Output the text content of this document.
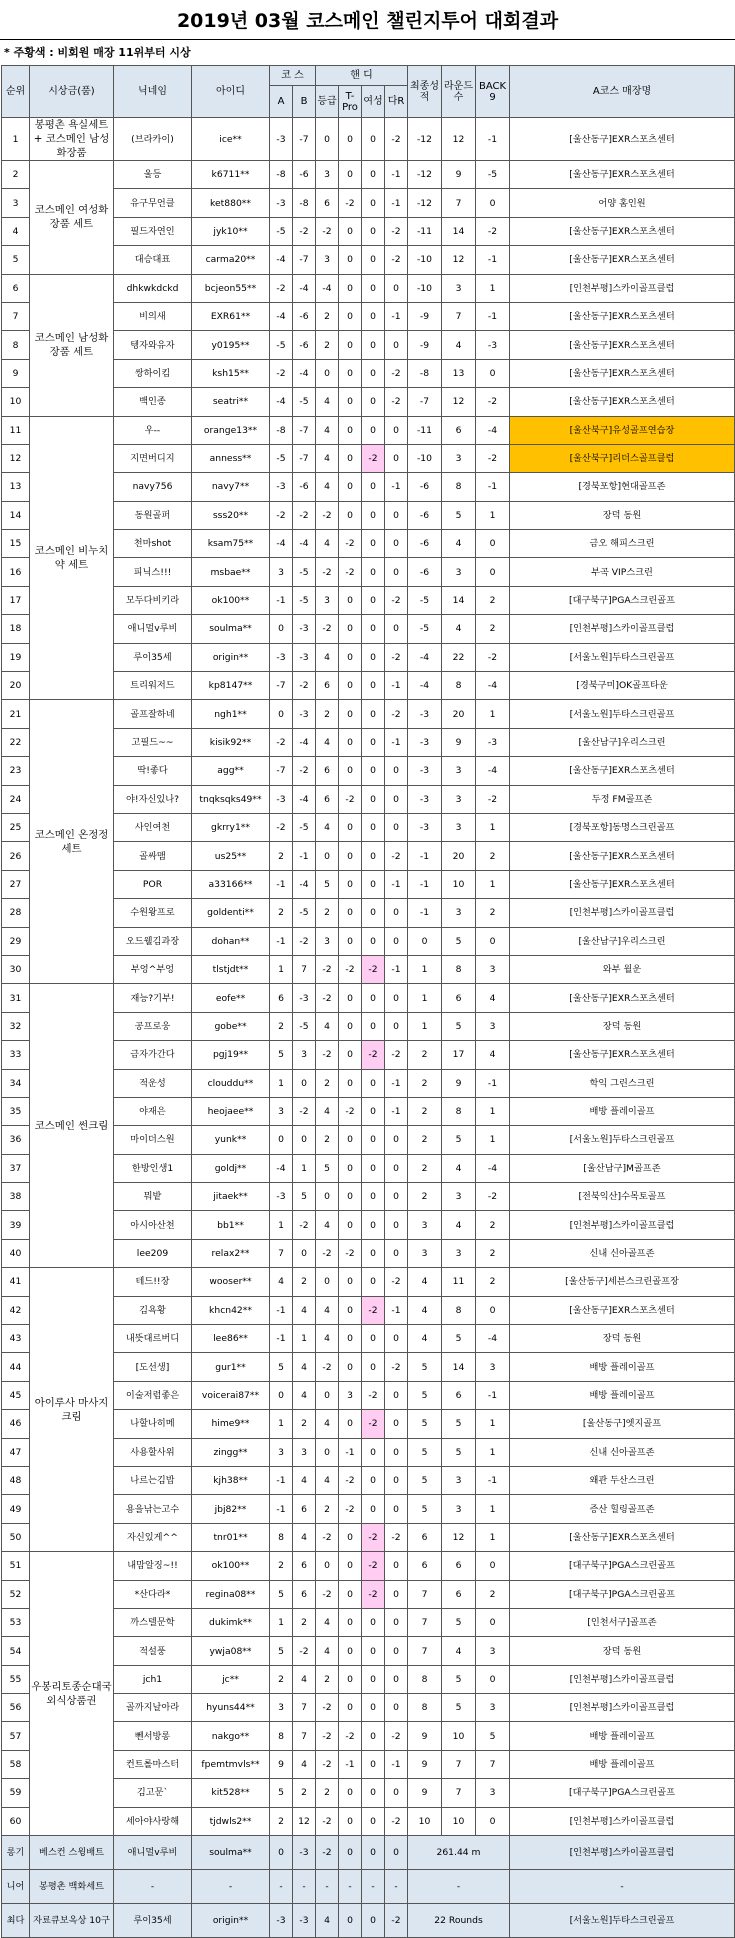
2019년 03월 코스메인 챌린지투어 대회결과
* 주황색 : 비회원 매장 11위부터 시상
순위	시상금(품)	닉네임	아이디	코 스		핸 디				최종성적	라운드 수	BACK 9	A코스 매장명
				A	B	등급	T-Pro	여성	다R				
1	봉평촌 욕실세트 + 코스메인 남성화장품	(브라카이)	ice**	-3	-7	0	0	0	-2	-12	12	-1	[울산동구]EXR스포츠센터
2	코스메인 여성화장품 세트	울등	k6711**	-8	-6	3	0	0	-1	-12	9	-5	[울산동구]EXR스포츠센터
3		유구무언클	ket880**	-3	-8	6	-2	0	-1	-12	7	0	어양 홈인원
4		필드자연인	jyk10**	-5	-2	-2	0	0	-2	-11	14	-2	[울산동구]EXR스포츠센터
5		대승대표	carma20**	-4	-7	3	0	0	-2	-10	12	-1	[울산동구]EXR스포츠센터
6	코스메인 남성화장품 세트	dhkwkdckd	bcjeon55**	-2	-4	-4	0	0	0	-10	3	1	[인천부평]스카이골프클럽
7		비의새	EXR61**	-4	-6	2	0	0	-1	-9	7	-1	[울산동구]EXR스포츠센터
8		텡자와유자	y0195**	-5	-6	2	0	0	0	-9	4	-3	[울산동구]EXR스포츠센터
9		쌍하이킴	ksh15**	-2	-4	0	0	0	-2	-8	13	0	[울산동구]EXR스포츠센터
10		백인종	seatri**	-4	-5	4	0	0	-2	-7	12	-2	[울산동구]EXR스포츠센터
11	코스메인 비누치약 세트	우--	orange13**	-8	-7	4	0	0	0	-11	6	-4	[울산북구]유성골프연습장
12		지면버디지	anness**	-5	-7	4	0	-2	0	-10	3	-2	[울산북구]리더스골프클럽
13		navy756	navy7**	-3	-6	4	0	0	-1	-6	8	-1	[경북포항]현대골프존
14		동원골퍼	sss20**	-2	-2	-2	0	0	0	-6	5	1	장덕 동원
15		천마shot	ksam75**	-4	-4	4	-2	0	0	-6	4	0	금오 해피스크린
16		피닉스!!!	msbae**	3	-5	-2	-2	0	0	-6	3	0	부곡 VIP스크린
17		모두다비키라	ok100**	-1	-5	3	0	0	-2	-5	14	2	[대구북구]PGA스크린골프
18		애니멀v루비	soulma**	0	-3	-2	0	0	0	-5	4	2	[인천부평]스카이골프클럽
19		루이35세	origin**	-3	-3	4	0	0	-2	-4	22	-2	[서울노원]두타스크린골프
20		트리워저드	kp8147**	-7	-2	6	0	0	-1	-4	8	-4	[경북구미]OK골프타운
21	코스메인 온정정 세트	골프잘하네	ngh1**	0	-3	2	0	0	-2	-3	20	1	[서울노원]두타스크린골프
22		고필드~~	kisik92**	-2	-4	4	0	0	-1	-3	9	-3	[울산남구]우리스크린
23		딱!좋다	agg**	-7	-2	6	0	0	0	-3	3	-4	[울산동구]EXR스포츠센터
24		야!자신있나?	tnqksqks49**	-3	-4	6	-2	0	0	-3	3	-2	두정 FM골프존
25		사인여천	gkrry1**	-2	-5	4	0	0	0	-3	3	1	[경북포항]동명스크린골프
26		골싸맴	us25**	2	-1	0	0	0	-2	-1	20	2	[울산동구]EXR스포츠센터
27		POR	a33166**	-1	-4	5	0	0	-1	-1	10	1	[울산동구]EXR스포츠센터
28		수원왕프로	goldenti**	2	-5	2	0	0	0	-1	3	2	[인천부평]스카이골프클럽
29		오드웰김과장	dohan**	-1	-2	3	0	0	0	0	5	0	[울산남구]우리스크린
30		부엉^부엉	tlstjdt**	1	7	-2	-2	-2	-1	1	8	3	와부 월운
31	코스메인 썬크림	재능?기부!	eofe**	6	-3	-2	0	0	0	1	6	4	[울산동구]EXR스포츠센터
32		공프로웅	gobe**	2	-5	4	0	0	0	1	5	3	장덕 동원
33		금자가간다	pgj19**	5	3	-2	0	-2	-2	2	17	4	[울산동구]EXR스포츠센터
34		적운성	clouddu**	1	0	2	0	0	-1	2	9	-1	학익 그린스크린
35		야재은	heojaee**	3	-2	4	-2	0	-1	2	8	1	배방 플레이골프
36		마이더스원	yunk**	0	0	2	0	0	0	2	5	1	[서울노원]두타스크린골프
37		한방인생1	goldj**	-4	1	5	0	0	0	2	4	-4	[울산남구]M골프존
38		뭐밭	jitaek**	-3	5	0	0	0	0	2	3	-2	[전북익산]수목토골프
39		아시아산천	bb1**	1	-2	4	0	0	0	3	4	2	[인천부평]스카이골프클럽
40		lee209	relax2**	7	0	-2	-2	0	0	3	3	2	신내 신아골프존
41	아이루사 마사지크림	테드!!장	wooser**	4	2	0	0	0	-2	4	11	2	[울산동구]세븐스크린골프장
42		김욕황	khcn42**	-1	4	4	0	-2	-1	4	8	0	[울산동구]EXR스포츠센터
43		내뜻대르버디	lee86**	-1	1	4	0	0	0	4	5	-4	장덕 동원
44		[도선생]	gur1**	5	4	-2	0	0	-2	5	14	3	배방 플레이골프
45		이술저럼좋은	voicerai87**	0	4	0	3	-2	0	5	6	-1	배방 플레이골프
46		나할나히메	hime9**	1	2	4	0	-2	0	5	5	1	[울산동구]엣지골프
47		사용할사위	zingg**	3	3	0	-1	0	0	5	5	1	신내 신아골프존
48		나르는김밥	kjh38**	-1	4	4	-2	0	0	5	3	-1	왜관 두산스크린
49		용을낚는고수	jbj82**	-1	6	2	-2	0	0	5	3	1	증산 힐링골프존
50		자신있게^^	tnr01**	8	4	-2	0	-2	-2	6	12	1	[울산동구]EXR스포츠센터
51	우봉리토종순대국 외식상품권	내맘알징~!!	ok100**	2	6	0	0	-2	0	6	6	0	[대구북구]PGA스크린골프
52		*산다라*	regina08**	5	6	-2	0	-2	0	7	6	2	[대구북구]PGA스크린골프
53		까스텔문학	dukimk**	1	2	4	0	0	0	7	5	0	[인천서구]골프존
54		적설풍	ywja08**	5	-2	4	0	0	0	7	4	3	장덕 동원
55		jch1	jc**	2	4	2	0	0	0	8	5	0	[인천부평]스카이골프클럽
56		골까지날아라	hyuns44**	3	7	-2	0	0	0	8	5	3	[인천부평]스카이골프클럽
57		뻰서방롱	nakgo**	8	7	-2	-2	0	-2	9	10	5	배방 플레이골프
58		컨트롤마스터	fpemtmvls**	9	4	-2	-1	0	-1	9	7	7	배방 플레이골프
59		김고문`	kit528**	5	2	2	0	0	0	9	7	3	[대구북구]PGA스크린골프
60		세아야사랑해	tjdwls2**	2	12	-2	0	0	-2	10	10	0	[인천부평]스카이골프클럽
롱기	베스컨 스윙배트	애니멀v루비	soulma**	0	-3	-2	0	0	0	261.44 m			[인천부평]스카이골프클럽
니어	봉평촌 백화세트	-	-	-	-	-	-	-	-	-			-
최다	자료큐보옥상 10구	루이35세	origin**	-3	-3	4	0	0	-2	22 Rounds			[서울노원]두타스크린골프
